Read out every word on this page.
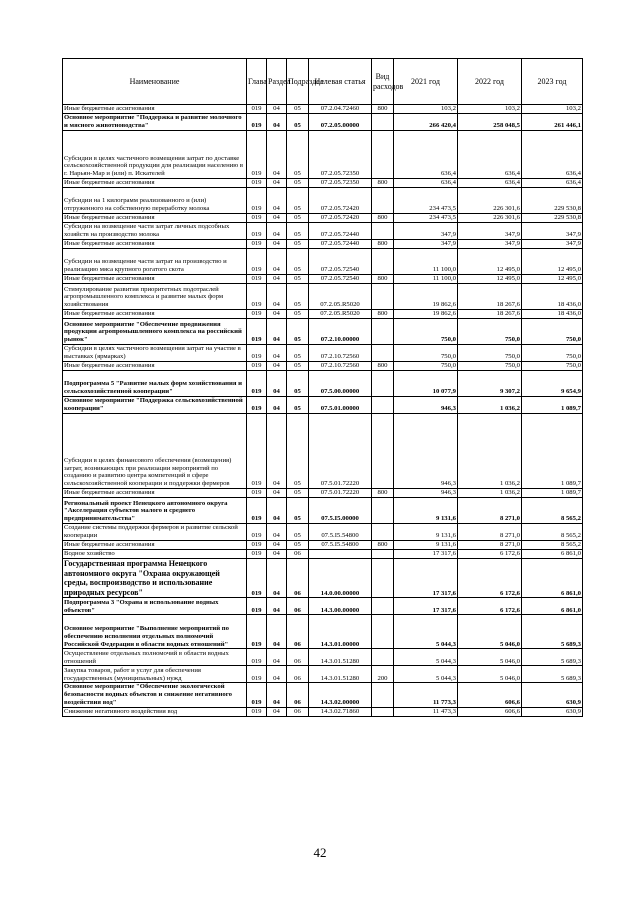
Наименование	Глава	Раздел	Подраздел	Целевая статья	Вид расходов	2021 год	2022 год	2023 год
Иные бюджетные ассигнования	019	04	05	07.2.04.72460	800	103,2	103,2	103,2
Основное мероприятие "Поддержка и развитие молочного и мясного животноводства"	019	04	05	07.2.05.00000		266 420,4	258 048,5	261 446,1
Субсидии в целях частичного возмещения затрат по доставке сельскохозяйственной продукции для реализации населению в г. Нарьян-Мар и (или) п. Искателей	019	04	05	07.2.05.72350		636,4	636,4	636,4
Иные бюджетные ассигнования	019	04	05	07.2.05.72350	800	636,4	636,4	636,4
Субсидии на 1 килограмм реализованного и (или) отгруженного на собственную переработку молока	019	04	05	07.2.05.72420		234 473,5	226 301,6	229 530,8
Иные бюджетные ассигнования	019	04	05	07.2.05.72420	800	234 473,5	226 301,6	229 530,8
Субсидии на возмещение части затрат личных подсобных хозяйств на производство молока	019	04	05	07.2.05.72440		347,9	347,9	347,9
Иные бюджетные ассигнования	019	04	05	07.2.05.72440	800	347,9	347,9	347,9
Субсидии на возмещение части затрат на производство и реализацию мяса крупного рогатого скота	019	04	05	07.2.05.72540		11 100,0	12 495,0	12 495,0
Иные бюджетные ассигнования	019	04	05	07.2.05.72540	800	11 100,0	12 495,0	12 495,0
Стимулирование развития приоритетных подотраслей агропромышленного комплекса и развитие малых форм хозяйствования	019	04	05	07.2.05.R5020		19 862,6	18 267,6	18 436,0
Иные бюджетные ассигнования	019	04	05	07.2.05.R5020	800	19 862,6	18 267,6	18 436,0
Основное мероприятие "Обеспечение продвижения продукции агропромышленного комплекса на российский рынок"	019	04	05	07.2.10.00000		750,0	750,0	750,0
Субсидии в целях частичного возмещения затрат на участие в выставках (ярмарках)	019	04	05	07.2.10.72560		750,0	750,0	750,0
Иные бюджетные ассигнования	019	04	05	07.2.10.72560	800	750,0	750,0	750,0
Подпрограмма 5 "Развитие малых форм хозяйствования и сельскохозяйственной кооперации"	019	04	05	07.5.00.00000		10 077,9	9 307,2	9 654,9
Основное мероприятие "Поддержка сельскохозяйственной кооперации"	019	04	05	07.5.01.00000		946,3	1 036,2	1 089,7
Субсидии в целях финансового обеспечения (возмещения) затрат, возникающих при реализации мероприятий по созданию и развитию центра компетенций в сфере сельскохозяйственной кооперации и поддержки фермеров	019	04	05	07.5.01.72220		946,3	1 036,2	1 089,7
Иные бюджетные ассигнования	019	04	05	07.5.01.72220	800	946,3	1 036,2	1 089,7
Региональный проект Ненецкого автономного округа "Акселерация субъектов малого и среднего предпринимательства"	019	04	05	07.5.I5.00000		9 131,6	8 271,0	8 565,2
Создание системы поддержки фермеров и развитие сельской кооперации	019	04	05	07.5.I5.54800		9 131,6	8 271,0	8 565,2
Иные бюджетные ассигнования	019	04	05	07.5.I5.54800	800	9 131,6	8 271,0	8 565,2
Водное хозяйство	019	04	06			17 317,6	6 172,6	6 861,0
Государственная программа Ненецкого автономного округа "Охрана окружающей среды, воспроизводство и использование природных ресурсов"	019	04	06	14.0.00.00000		17 317,6	6 172,6	6 861,0
Подпрограмма 3 "Охрана и использование водных объектов"	019	04	06	14.3.00.00000		17 317,6	6 172,6	6 861,0
Основное мероприятие "Выполнение мероприятий по обеспечению исполнения отдельных полномочий Российской Федерации в области водных отношений"	019	04	06	14.3.01.00000		5 044,3	5 046,0	5 689,3
Осуществление отдельных полномочий в области водных отношений	019	04	06	14.3.01.51280		5 044,3	5 046,0	5 689,3
Закупка товаров, работ и услуг для обеспечения государственных (муниципальных) нужд	019	04	06	14.3.01.51280	200	5 044,3	5 046,0	5 689,3
Основное мероприятие "Обеспечение экологической безопасности водных объектов и снижение негативного воздействия вод"	019	04	06	14.3.02.00000		11 773,3	606,6	630,9
Снижение негативного воздействия вод	019	04	06	14.3.02.71860		11 473,3	606,6	630,9
42
